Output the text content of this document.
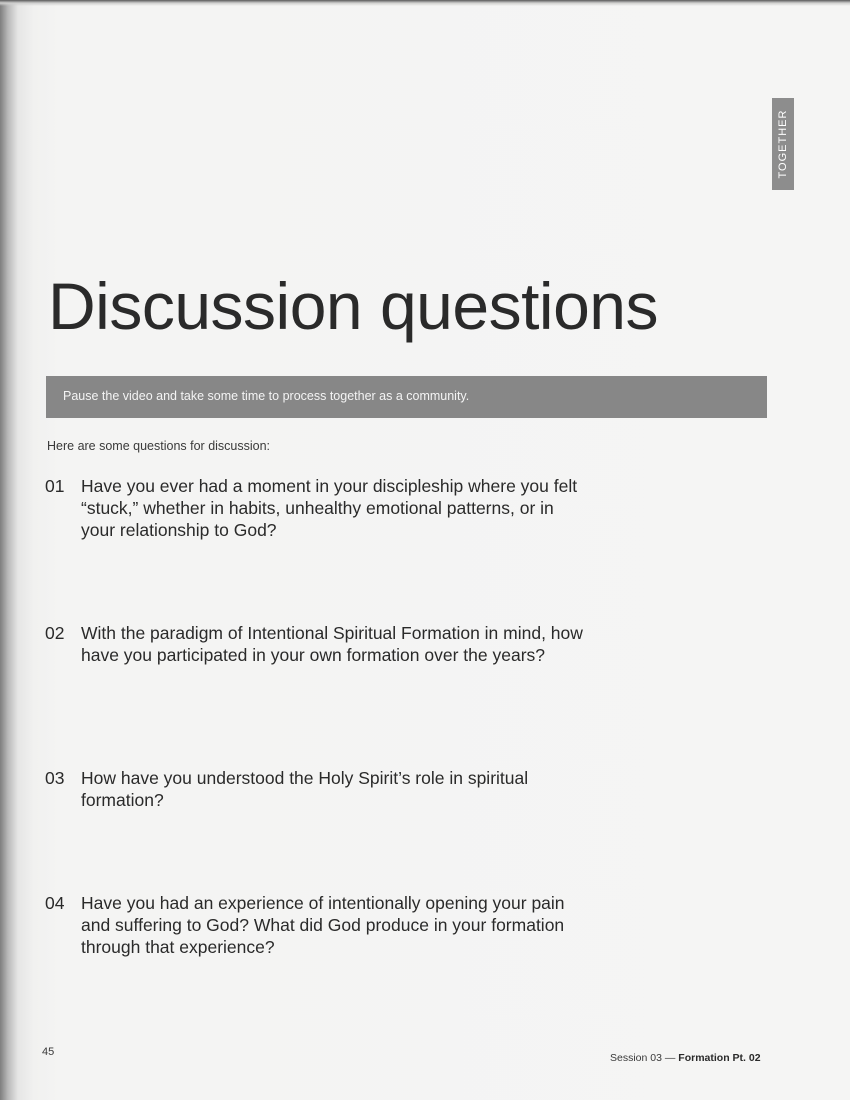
TOGETHER
Discussion questions
Pause the video and take some time to process together as a community.
Here are some questions for discussion:
01 Have you ever had a moment in your discipleship where you felt “stuck,” whether in habits, unhealthy emotional patterns, or in your relationship to God?
02 With the paradigm of Intentional Spiritual Formation in mind, how have you participated in your own formation over the years?
03 How have you understood the Holy Spirit’s role in spiritual formation?
04 Have you had an experience of intentionally opening your pain and suffering to God? What did God produce in your formation through that experience?
45	Session 03 — Formation Pt. 02
